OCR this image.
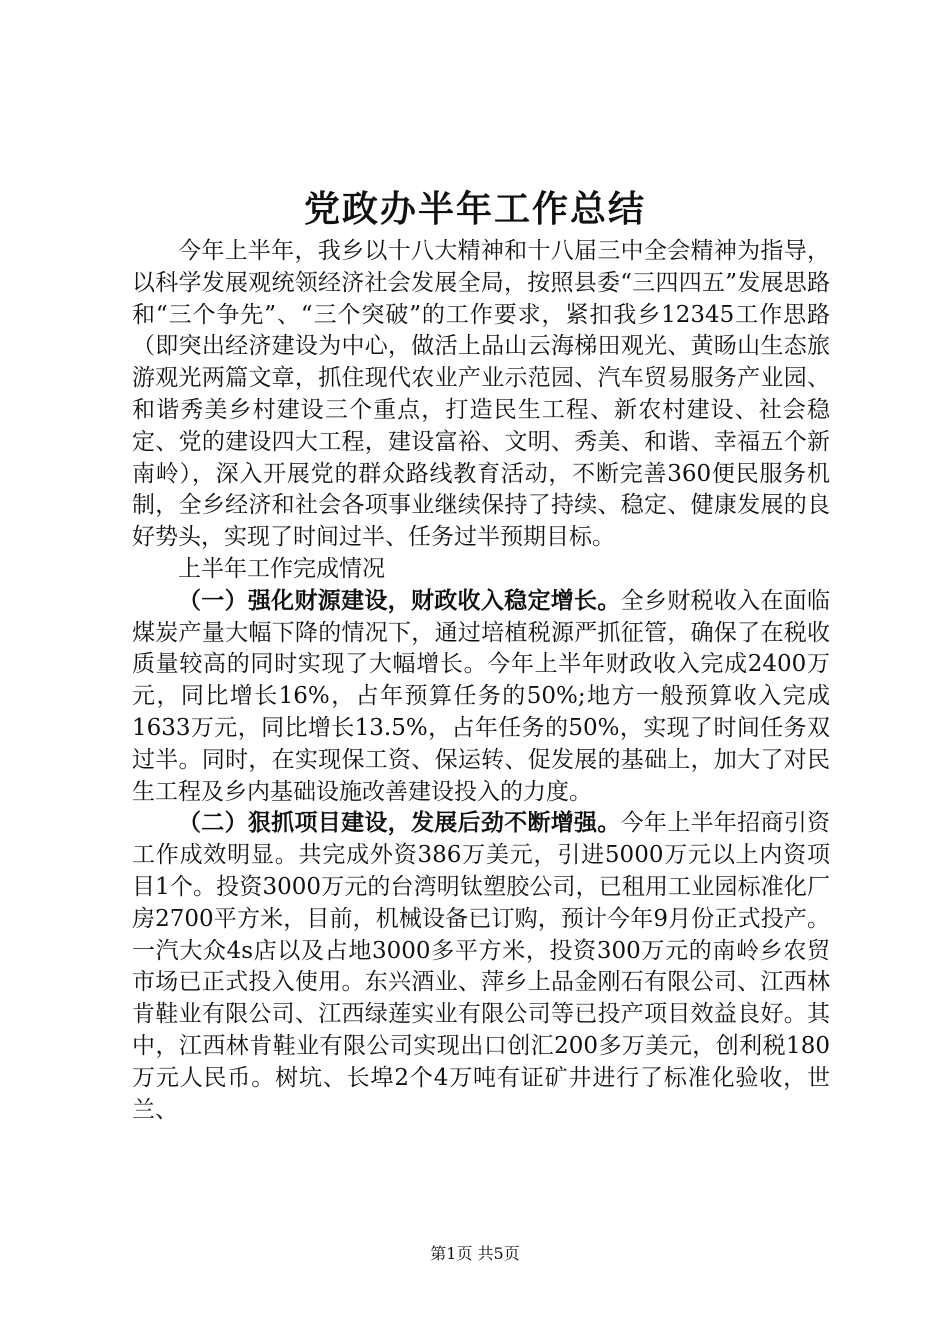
党政办半年工作总结

今年上半年，我乡以十八大精神和十八届三中全会精神为指导，以科学发展观统领经济社会发展全局，按照县委“三四四五”发展思路和“三个争先”、“三个突破”的工作要求，紧扣我乡12345工作思路（即突出经济建设为中心，做活上品山云海梯田观光、黄旸山生态旅游观光两篇文章，抓住现代农业产业示范园、汽车贸易服务产业园、和谐秀美乡村建设三个重点，打造民生工程、新农村建设、社会稳定、党的建设四大工程，建设富裕、文明、秀美、和谐、幸福五个新南岭），深入开展党的群众路线教育活动，不断完善360便民服务机制，全乡经济和社会各项事业继续保持了持续、稳定、健康发展的良好势头，实现了时间过半、任务过半预期目标。

上半年工作完成情况

（一）强化财源建设，财政收入稳定增长。全乡财税收入在面临煤炭产量大幅下降的情况下，通过培植税源严抓征管，确保了在税收质量较高的同时实现了大幅增长。今年上半年财政收入完成2400万元，同比增长16%，占年预算任务的50%;地方一般预算收入完成1633万元，同比增长13.5%，占年任务的50%，实现了时间任务双过半。同时，在实现保工资、保运转、促发展的基础上，加大了对民生工程及乡内基础设施改善建设投入的力度。

（二）狠抓项目建设，发展后劲不断增强。今年上半年招商引资工作成效明显。共完成外资386万美元，引进5000万元以上内资项目1个。投资3000万元的台湾明钛塑胶公司，已租用工业园标准化厂房2700平方米，目前，机械设备已订购，预计今年9月份正式投产。一汽大众4s店以及占地3000多平方米，投资300万元的南岭乡农贸市场已正式投入使用。东兴酒业、萍乡上品金刚石有限公司、江西林肯鞋业有限公司、江西绿莲实业有限公司等已投产项目效益良好。其中，江西林肯鞋业有限公司实现出口创汇200多万美元，创利税180万元人民币。树坑、长埠2个4万吨有证矿井进行了标准化验收，世兰、

第1页 共5页
